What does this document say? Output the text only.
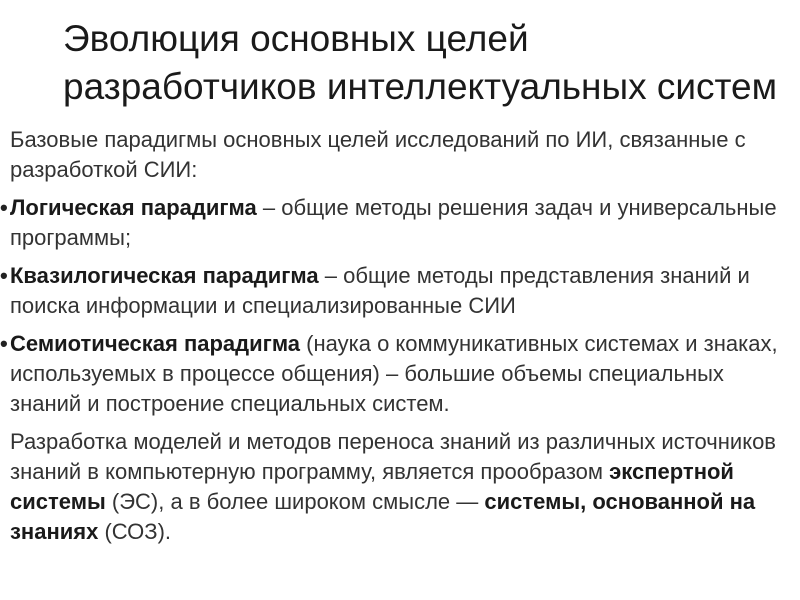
Эволюция основных целей разработчиков интеллектуальных систем

Базовые парадигмы основных целей исследований по ИИ, связанные с разработкой СИИ:

• Логическая парадигма – общие методы решения задач и универсальные программы;
• Квазилогическая парадигма – общие методы представления знаний и поиска информации и специализированные СИИ
• Семиотическая парадигма (наука о коммуникативных системах и знаках, используемых в процессе общения) – большие объемы специальных знаний и построение специальных систем.

Разработка моделей и методов переноса знаний из различных источников знаний в компьютерную программу, является прообразом экспертной системы (ЭС), а в более широком смысле — системы, основанной на знаниях (СОЗ).
